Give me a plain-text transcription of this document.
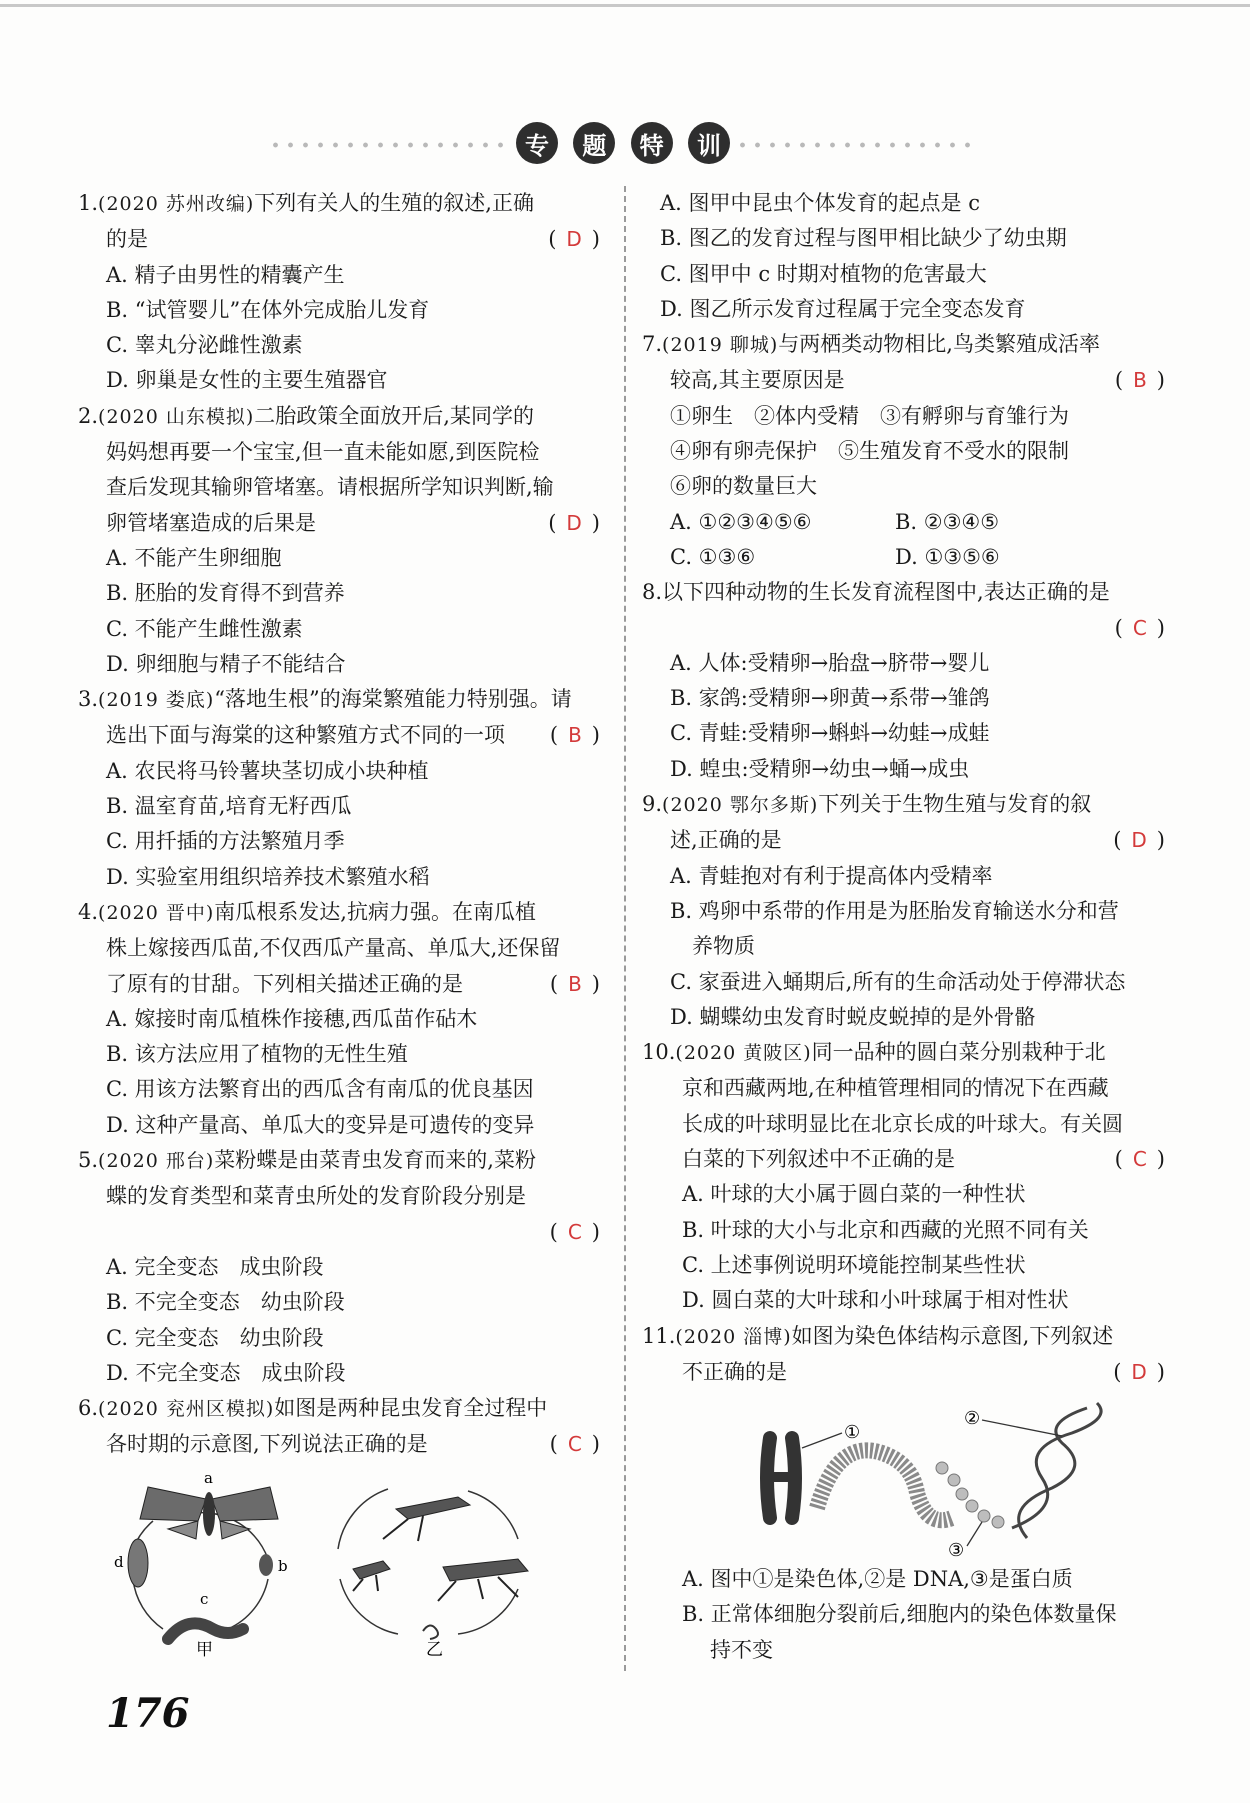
专	题	特	训
1.(2020 苏州改编)下列有关人的生殖的叙述,正确
的是	( D )
A. 精子由男性的精囊产生
B. “试管婴儿”在体外完成胎儿发育
C. 睾丸分泌雌性激素
D. 卵巢是女性的主要生殖器官
2.(2020 山东模拟)二胎政策全面放开后,某同学的
妈妈想再要一个宝宝,但一直未能如愿,到医院检
查后发现其输卵管堵塞。请根据所学知识判断,输
卵管堵塞造成的后果是	( D )
A. 不能产生卵细胞
B. 胚胎的发育得不到营养
C. 不能产生雌性激素
D. 卵细胞与精子不能结合
3.(2019 娄底)“落地生根”的海棠繁殖能力特别强。请
选出下面与海棠的这种繁殖方式不同的一项 ( B )
A. 农民将马铃薯块茎切成小块种植
B. 温室育苗,培育无籽西瓜
C. 用扦插的方法繁殖月季
D. 实验室用组织培养技术繁殖水稻
4.(2020 晋中)南瓜根系发达,抗病力强。在南瓜植
株上嫁接西瓜苗,不仅西瓜产量高、单瓜大,还保留
了原有的甘甜。下列相关描述正确的是	( B )
A. 嫁接时南瓜植株作接穗,西瓜苗作砧木
B. 该方法应用了植物的无性生殖
C. 用该方法繁育出的西瓜含有南瓜的优良基因
D. 这种产量高、单瓜大的变异是可遗传的变异
5.(2020 邢台)菜粉蝶是由菜青虫发育而来的,菜粉
蝶的发育类型和菜青虫所处的发育阶段分别是
( C )

A. 完全变态　成虫阶段
B. 不完全变态　幼虫阶段
C. 完全变态　幼虫阶段
D. 不完全变态　成虫阶段
6.(2020 兖州区模拟)如图是两种昆虫发育全过程中
各时期的示意图,下列说法正确的是	( C )
a
b
c
d
甲	乙
A. 图甲中昆虫个体发育的起点是 c
B. 图乙的发育过程与图甲相比缺少了幼虫期
C. 图甲中 c 时期对植物的危害最大
D. 图乙所示发育过程属于完全变态发育
7.(2019 聊城)与两栖类动物相比,鸟类繁殖成活率
较高,其主要原因是	( B )
①卵生　②体内受精　③有孵卵与育雏行为
④卵有卵壳保护　⑤生殖发育不受水的限制
⑥卵的数量巨大
A. ①②③④⑤⑥	B. ②③④⑤
C. ①③⑥	D. ①③⑤⑥
8.以下四种动物的生长发育流程图中,表达正确的是
( C )

A. 人体:受精卵→胎盘→脐带→婴儿
B. 家鸽:受精卵→卵黄→系带→雏鸽
C. 青蛙:受精卵→蝌蚪→幼蛙→成蛙
D. 蝗虫:受精卵→幼虫→蛹→成虫
9.(2020 鄂尔多斯)下列关于生物生殖与发育的叙
述,正确的是	( D )
A. 青蛙抱对有利于提高体内受精率
B. 鸡卵中系带的作用是为胚胎发育输送水分和营
养物质
C. 家蚕进入蛹期后,所有的生命活动处于停滞状态
D. 蝴蝶幼虫发育时蜕皮蜕掉的是外骨骼
10.(2020 黄陂区)同一品种的圆白菜分别栽种于北
京和西藏两地,在种植管理相同的情况下在西藏
长成的叶球明显比在北京长成的叶球大。有关圆
白菜的下列叙述中不正确的是	( C )
A. 叶球的大小属于圆白菜的一种性状
B. 叶球的大小与北京和西藏的光照不同有关
C. 上述事例说明环境能控制某些性状
D. 圆白菜的大叶球和小叶球属于相对性状
11.(2020 淄博)如图为染色体结构示意图,下列叙述
不正确的是	( D )
①
③
②
A. 图中①是染色体,②是 DNA,③是蛋白质
B. 正常体细胞分裂前后,细胞内的染色体数量保
持不变
176
